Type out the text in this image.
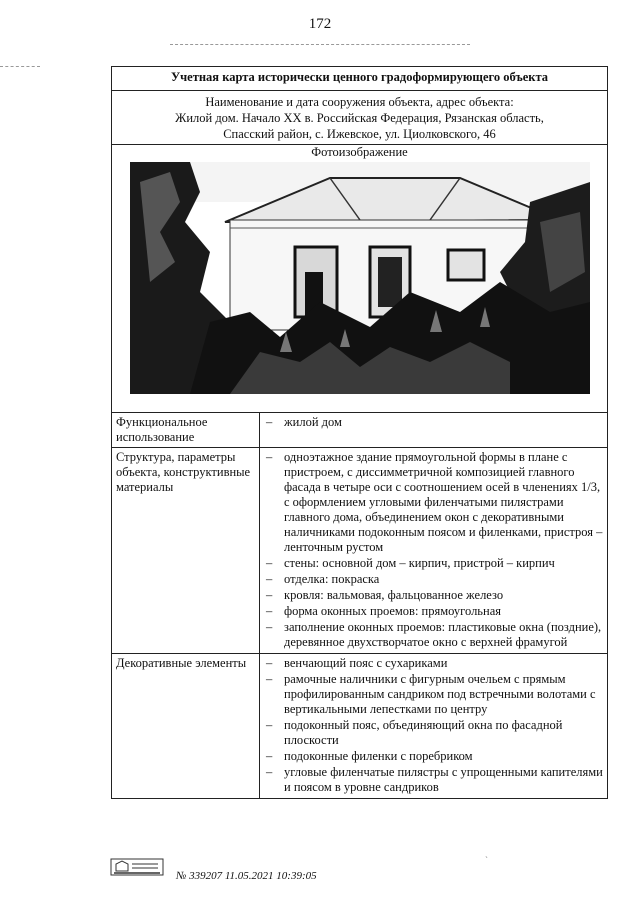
172
Учетная карта исторически ценного градоформирующего объекта
Наименование и дата сооружения объекта, адрес объекта:
Жилой дом. Начало XX в. Российская Федерация, Рязанская область,
Спасский район, с. Ижевское, ул. Циолковского, 46
Фотоизображение
Функциональное использование
– жилой дом
Структура, параметры объекта, конструктивные материалы
– одноэтажное здание прямоугольной формы в плане с пристроем, с диссимметричной композицией главного фасада в четыре оси с соотношением осей в членениях 1/3, с оформлением угловыми филенчатыми пилястрами главного дома, объединением окон с декоративными наличниками подоконным поясом и филенками, пристроя – ленточным рустом
– стены: основной дом – кирпич, пристрой – кирпич
– отделка: покраска
– кровля: вальмовая, фальцованное железо
– форма оконных проемов: прямоугольная
– заполнение оконных проемов: пластиковые окна (поздние), деревянное двухстворчатое окно с верхней фрамугой
Декоративные элементы
–	венчающий пояс с сухариками
– рамочные наличники с фигурным очельем с прямым профилированным сандриком под встречными волотами с вертикальными лепестками по центру
– подоконный пояс, объединяющий окна по фасадной плоскости
– подоконные филенки с поребриком
– угловые филенчатые пилястры с упрощенными капителями и поясом в уровне сандриков
ˎ
№ 339207 11.05.2021 10:39:05
